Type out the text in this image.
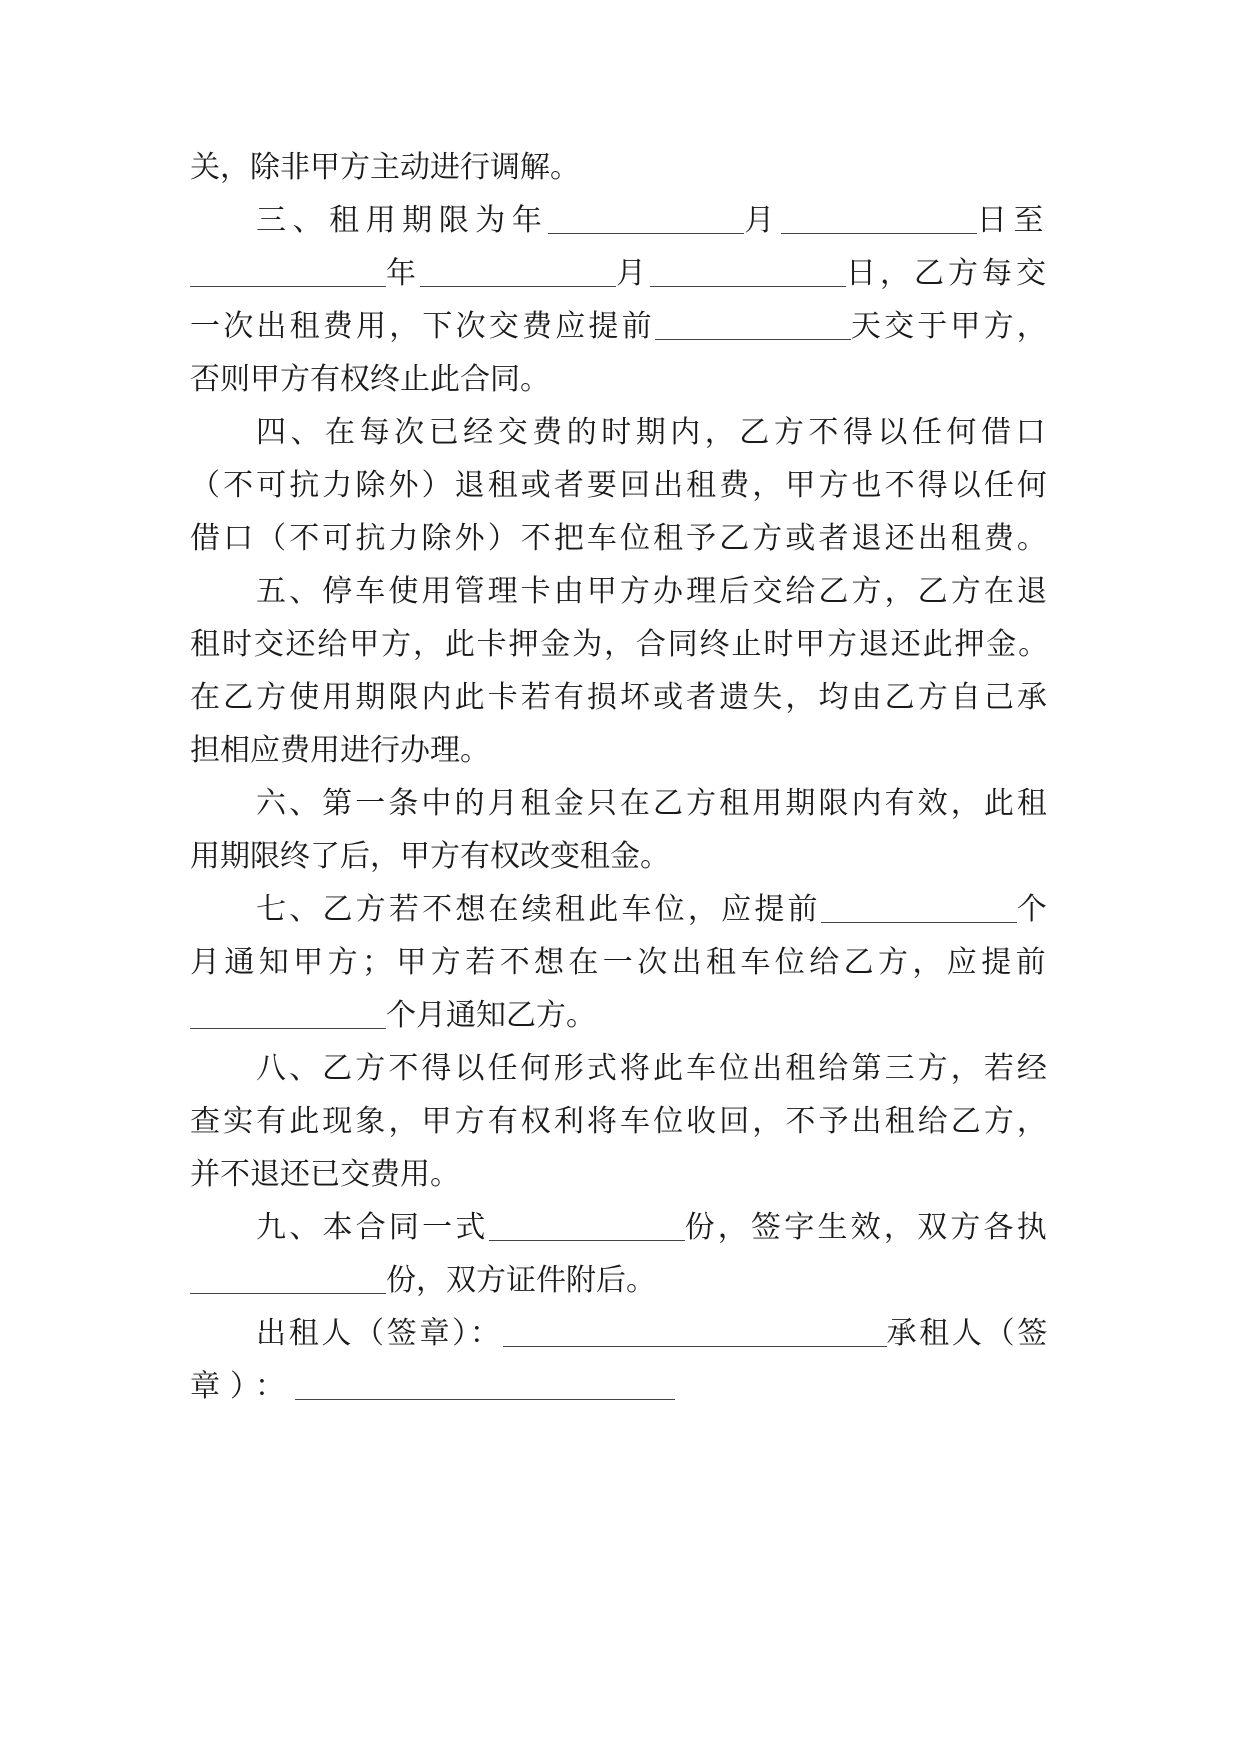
关，除非甲方主动进行调解。
三、租用期限为年	月	日至
年	月	日，乙方每交
一次出租费用，下次交费应提前	天交于甲方，
否则甲方有权终止此合同。
四、在每次已经交费的时期内，乙方不得以任何借口
（不可抗力除外）退租或者要回出租费，甲方也不得以任何
借口（不可抗力除外）不把车位租予乙方或者退还出租费。
五、停车使用管理卡由甲方办理后交给乙方，乙方在退
租时交还给甲方，此卡押金为，合同终止时甲方退还此押金。
在乙方使用期限内此卡若有损坏或者遗失，均由乙方自己承
担相应费用进行办理。
六、第一条中的月租金只在乙方租用期限内有效，此租
用期限终了后，甲方有权改变租金。
七、乙方若不想在续租此车位，应提前	个
月通知甲方；甲方若不想在一次出租车位给乙方，应提前
个月通知乙方。
八、乙方不得以任何形式将此车位出租给第三方，若经
查实有此现象，甲方有权利将车位收回，不予出租给乙方，
并不退还已交费用。
九、本合同一式	份，签字生效，双方各执
份，双方证件附后。
出租人（签章）：	承租人（签
章）：
